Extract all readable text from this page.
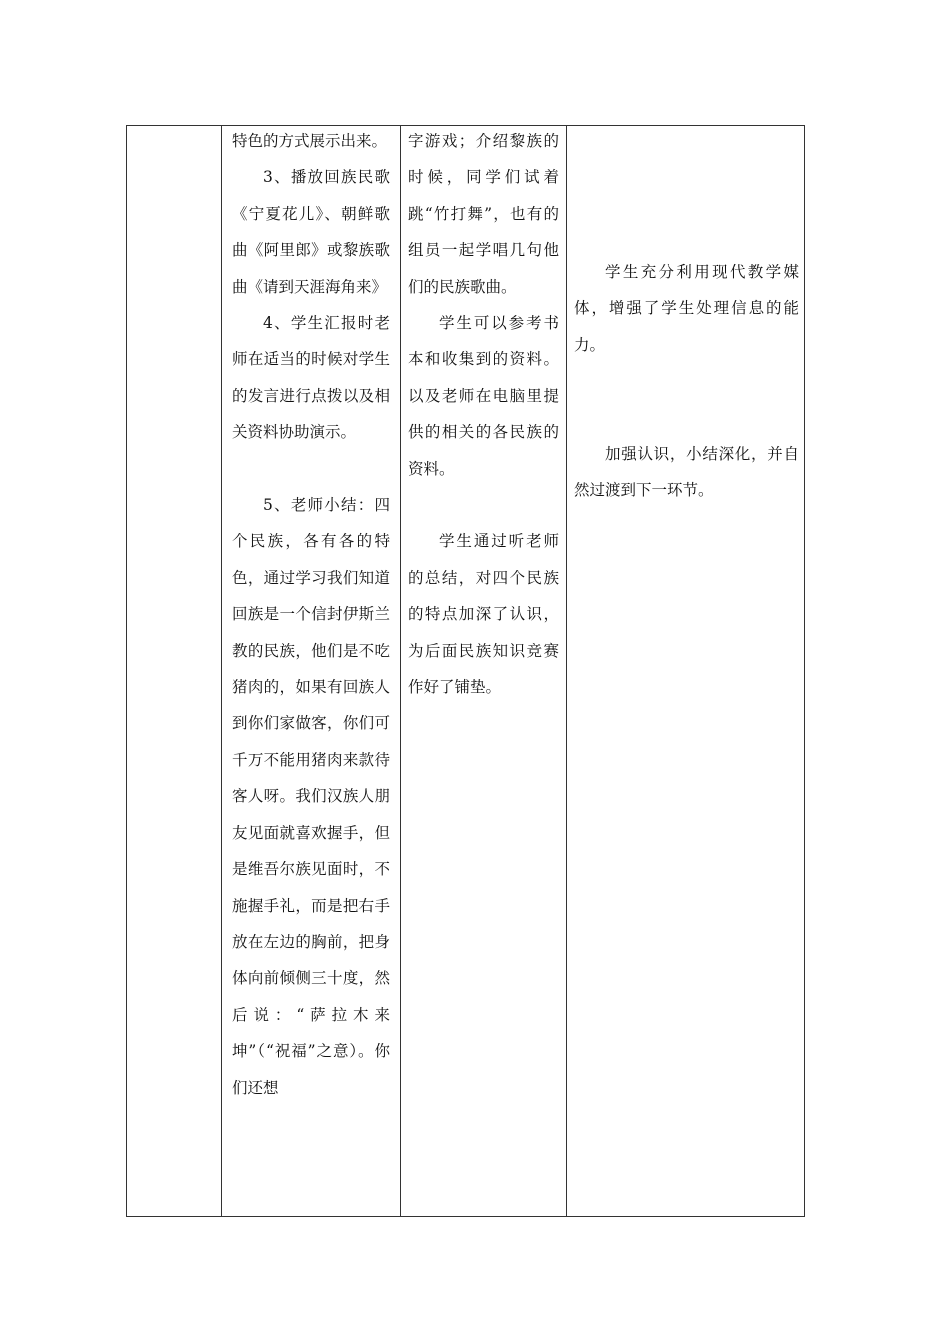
特色的方式展示出来。

3、播放回族民歌《宁夏花儿》、朝鲜歌曲《阿里郎》或黎族歌曲《请到天涯海角来》

4、学生汇报时老师在适当的时候对学生的发言进行点拨以及相关资料协助演示。

5、老师小结：四个民族，各有各的特色，通过学习我们知道回族是一个信封伊斯兰教的民族，他们是不吃猪肉的，如果有回族人到你们家做客，你们可千万不能用猪肉来款待客人呀。我们汉族人朋友见面就喜欢握手，但是维吾尔族见面时，不施握手礼，而是把右手放在左边的胸前，把身体向前倾侧三十度，然后说：“萨拉木来坤”（“祝福”之意）。你们还想

字游戏；介绍黎族的时候，同学们试着跳“竹打舞”，也有的组员一起学唱几句他们的民族歌曲。

学生可以参考书本和收集到的资料。以及老师在电脑里提供的相关的各民族的资料。

学生通过听老师的总结，对四个民族的特点加深了认识，为后面民族知识竞赛作好了铺垫。

学生充分利用现代教学媒体，增强了学生处理信息的能力。

加强认识，小结深化，并自然过渡到下一环节。
